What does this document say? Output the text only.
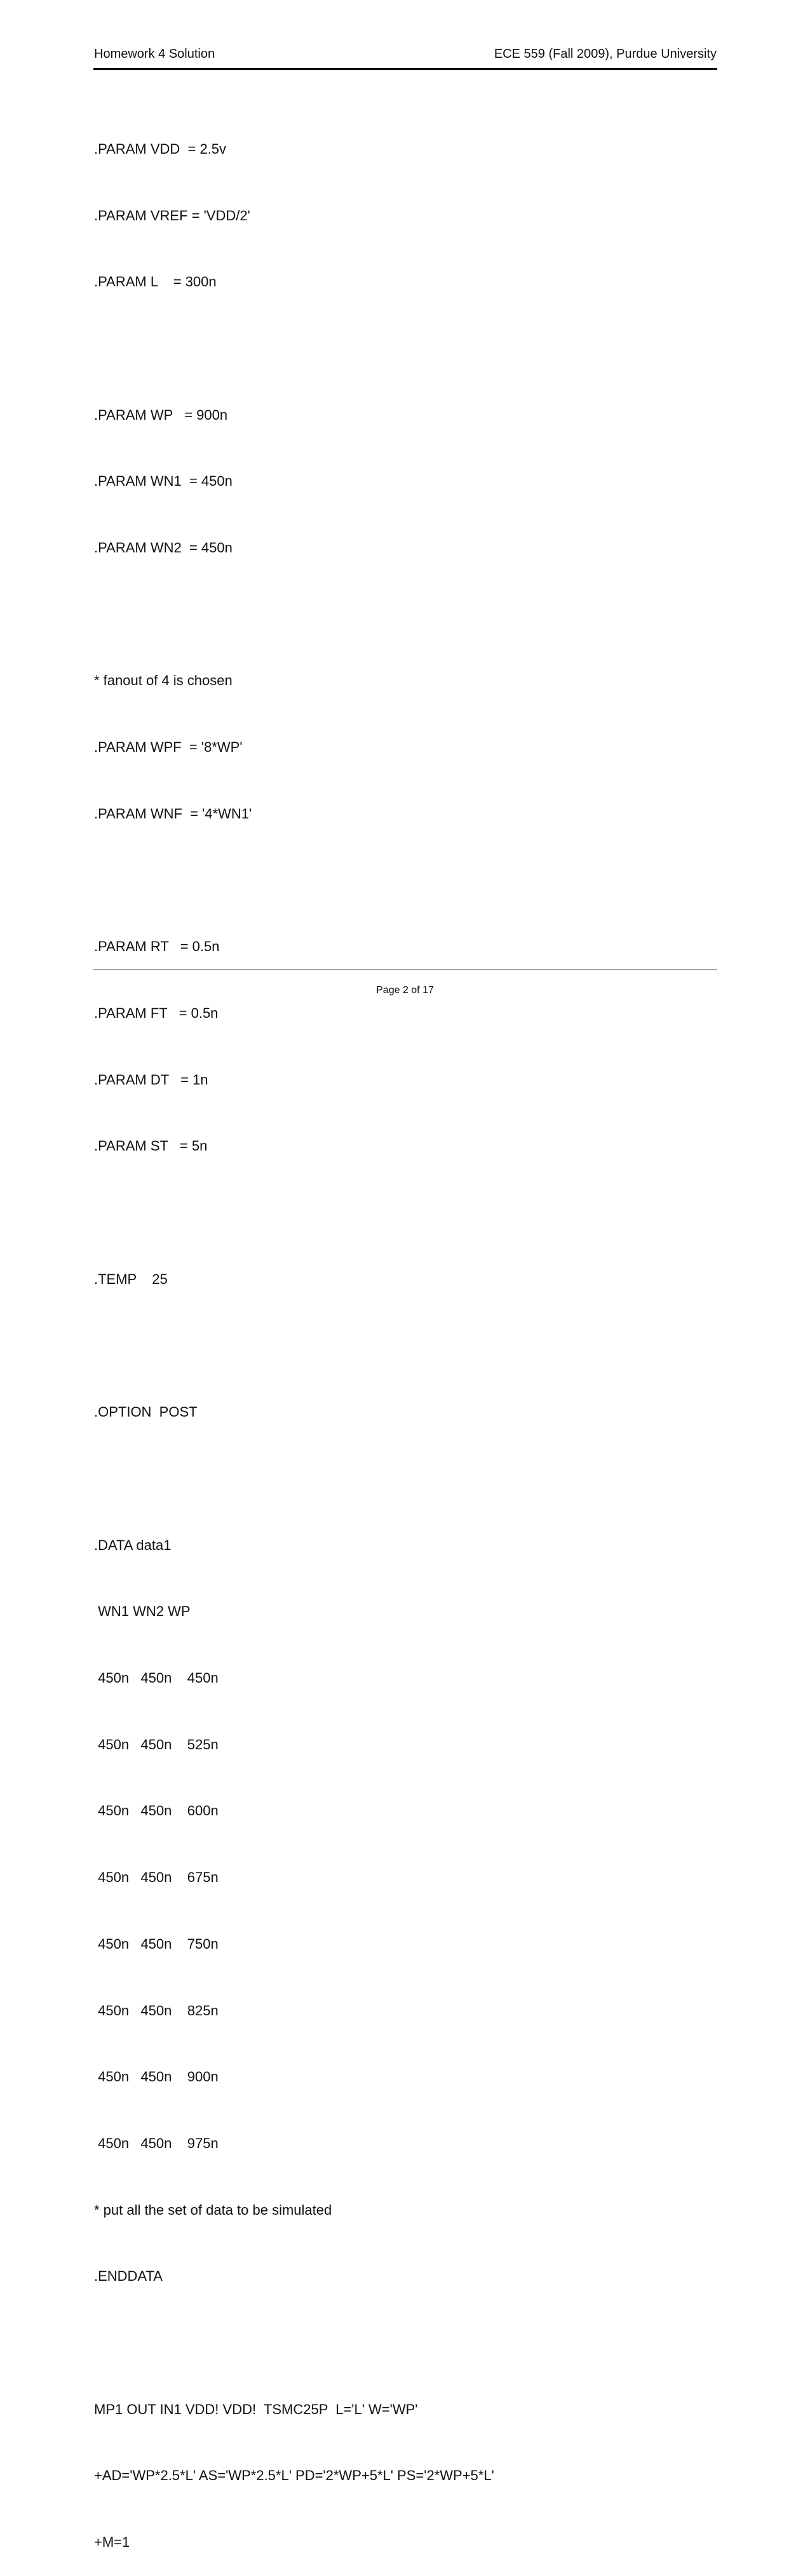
Homework 4 Solution	ECE 559 (Fall 2009), Purdue University

.PARAM VDD  = 2.5v

.PARAM VREF = 'VDD/2'

.PARAM L    = 300n

.PARAM WP   = 900n

.PARAM WN1  = 450n

.PARAM WN2  = 450n

* fanout of 4 is chosen

.PARAM WPF  = '8*WP'

.PARAM WNF  = '4*WN1'

.PARAM RT   = 0.5n

.PARAM FT   = 0.5n

.PARAM DT   = 1n

.PARAM ST   = 5n

.TEMP    25

.OPTION  POST

.DATA data1

WN1 WN2 WP

450n   450n    450n

450n   450n    525n

450n   450n    600n

450n   450n    675n

450n   450n    750n

450n   450n    825n

450n   450n    900n

450n   450n    975n

* put all the set of data to be simulated

.ENDDATA

MP1 OUT IN1 VDD! VDD!  TSMC25P  L='L' W='WP'

+AD='WP*2.5*L' AS='WP*2.5*L' PD='2*WP+5*L' PS='2*WP+5*L'

+M=1

Page 2 of 17
